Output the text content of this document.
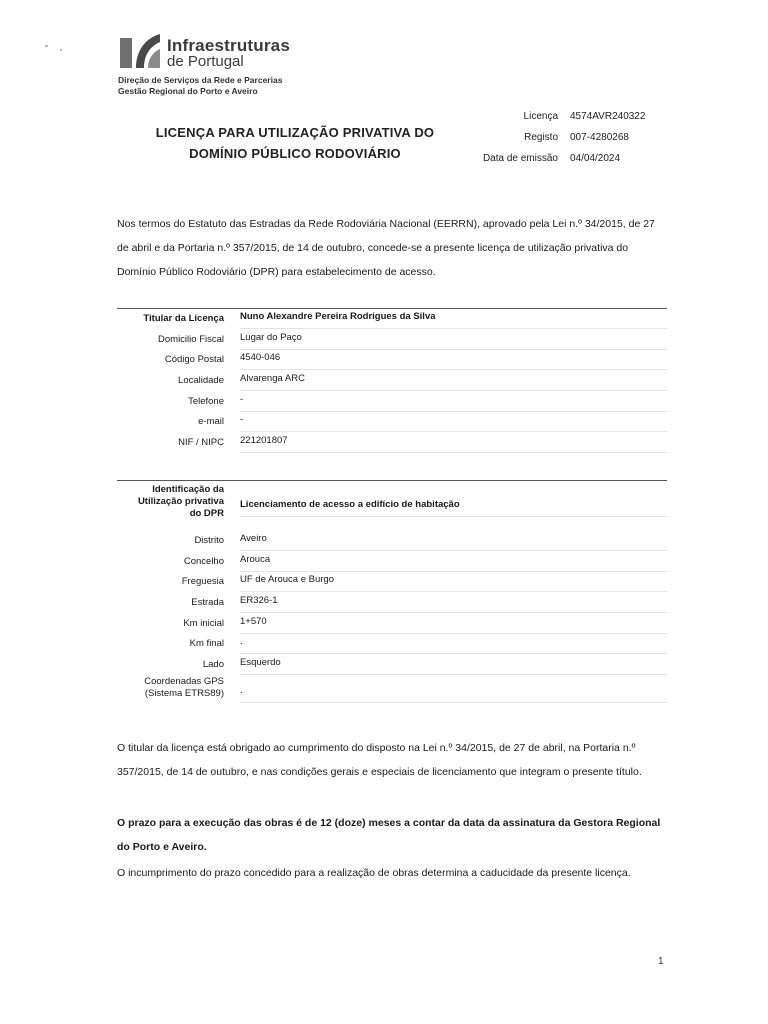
Infraestruturas
de Portugal
Direção de Serviços da Rede e Parcerias
Gestão Regional do Porto e Aveiro
LICENÇA PARA UTILIZAÇÃO PRIVATIVA DO
DOMÍNIO PÚBLICO RODOVIÁRIO
Licença
Registo
Data de emissão
4574AVR240322
007-4280268
04/04/2024
Nos termos do Estatuto das Estradas da Rede Rodoviária Nacional (EERRN), aprovado pela Lei n.º 34/2015, de 27 de abril e da Portaria n.º 357/2015, de 14 de outubro, concede-se a presente licença de utilização privativa do Domínio Público Rodoviário (DPR) para estabelecimento de acesso.
Titular da Licença Nuno Alexandre Pereira Rodrigues da Silva
Domicilio Fiscal Lugar do Paço
Código Postal 4540-046
Localidade Alvarenga ARC
Telefone -
e-mail -
NIF / NIPC 221201807
Identificação da
Utilização privativa
do DPR
Licenciamento de acesso a edifício de habitação
Distrito Aveiro
Concelho Arouca
Freguesia UF de Arouca e Burgo
Estrada ER326-1
Km inicial 1+570
Km final .
Lado Esquerdo
Coordenadas GPS
(Sistema ETRS89) .
O titular da licença está obrigado ao cumprimento do disposto na Lei n.º 34/2015, de 27 de abril, na Portaria n.º 357/2015, de 14 de outubro, e nas condições gerais e especiais de licenciamento que integram o presente título.
O prazo para a execução das obras é de 12 (doze) meses a contar da data da assinatura da Gestora Regional do Porto e Aveiro.
O incumprimento do prazo concedido para a realização de obras determina a caducidade da presente licença.
1
